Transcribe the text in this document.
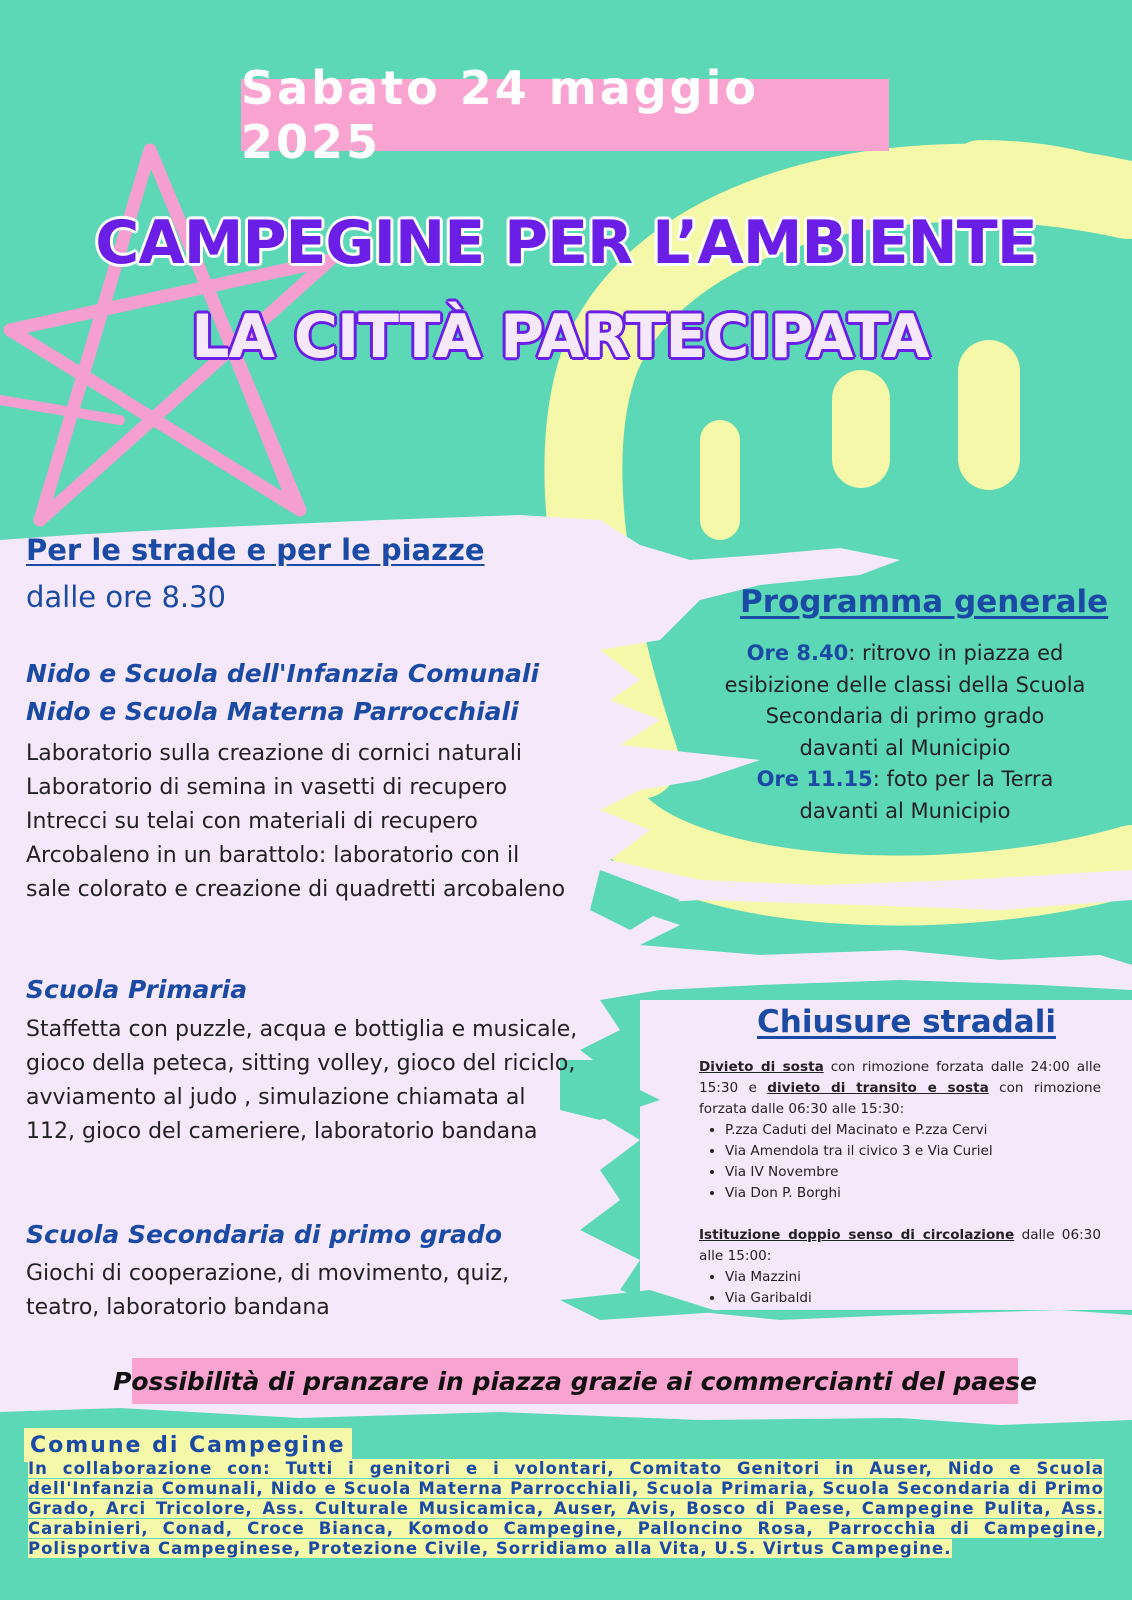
Sabato 24 maggio 2025
CAMPEGINE PER L’AMBIENTE
LA CITTÀ PARTECIPATA
Per le strade e per le piazze
dalle ore 8.30
Nido e Scuola dell'Infanzia Comunali
Nido e Scuola Materna Parrocchiali
Laboratorio sulla creazione di cornici naturali
Laboratorio di semina in vasetti di recupero
Intrecci su telai con materiali di recupero
Arcobaleno in un barattolo: laboratorio con il
sale colorato e creazione di quadretti arcobaleno
Scuola Primaria
Staffetta con puzzle, acqua e bottiglia e musicale,
gioco della peteca, sitting volley, gioco del riciclo,
avviamento al judo , simulazione chiamata al
112, gioco del cameriere, laboratorio bandana
Scuola Secondaria di primo grado
Giochi di cooperazione, di movimento, quiz,
teatro, laboratorio bandana
Programma generale
Ore 8.40: ritrovo in piazza ed
esibizione delle classi della Scuola
Secondaria di primo grado
davanti al Municipio
Ore 11.15: foto per la Terra
davanti al Municipio
Chiusure stradali
Divieto di sosta con rimozione forzata dalle 24:00 alle 15:30 e divieto di transito e sosta con rimozione forzata dalle 06:30 alle 15:30:
• P.zza Caduti del Macinato e P.zza Cervi
• Via Amendola tra il civico 3 e Via Curiel
• Via IV Novembre
• Via Don P. Borghi
Istituzione doppio senso di circolazione dalle 06:30 alle 15:00:
• Via Mazzini
• Via Garibaldi
Possibilità di pranzare in piazza grazie ai commercianti del paese
Comune di Campegine
In collaborazione con: Tutti i genitori e i volontari, Comitato Genitori in Auser, Nido e Scuola dell'Infanzia Comunali, Nido e Scuola Materna Parrocchiali, Scuola Primaria, Scuola Secondaria di Primo Grado, Arci Tricolore, Ass. Culturale Musicamica, Auser, Avis, Bosco di Paese, Campegine Pulita, Ass. Carabinieri, Conad, Croce Bianca, Komodo Campegine, Palloncino Rosa, Parrocchia di Campegine, Polisportiva Campeginese, Protezione Civile, Sorridiamo alla Vita, U.S. Virtus Campegine.
